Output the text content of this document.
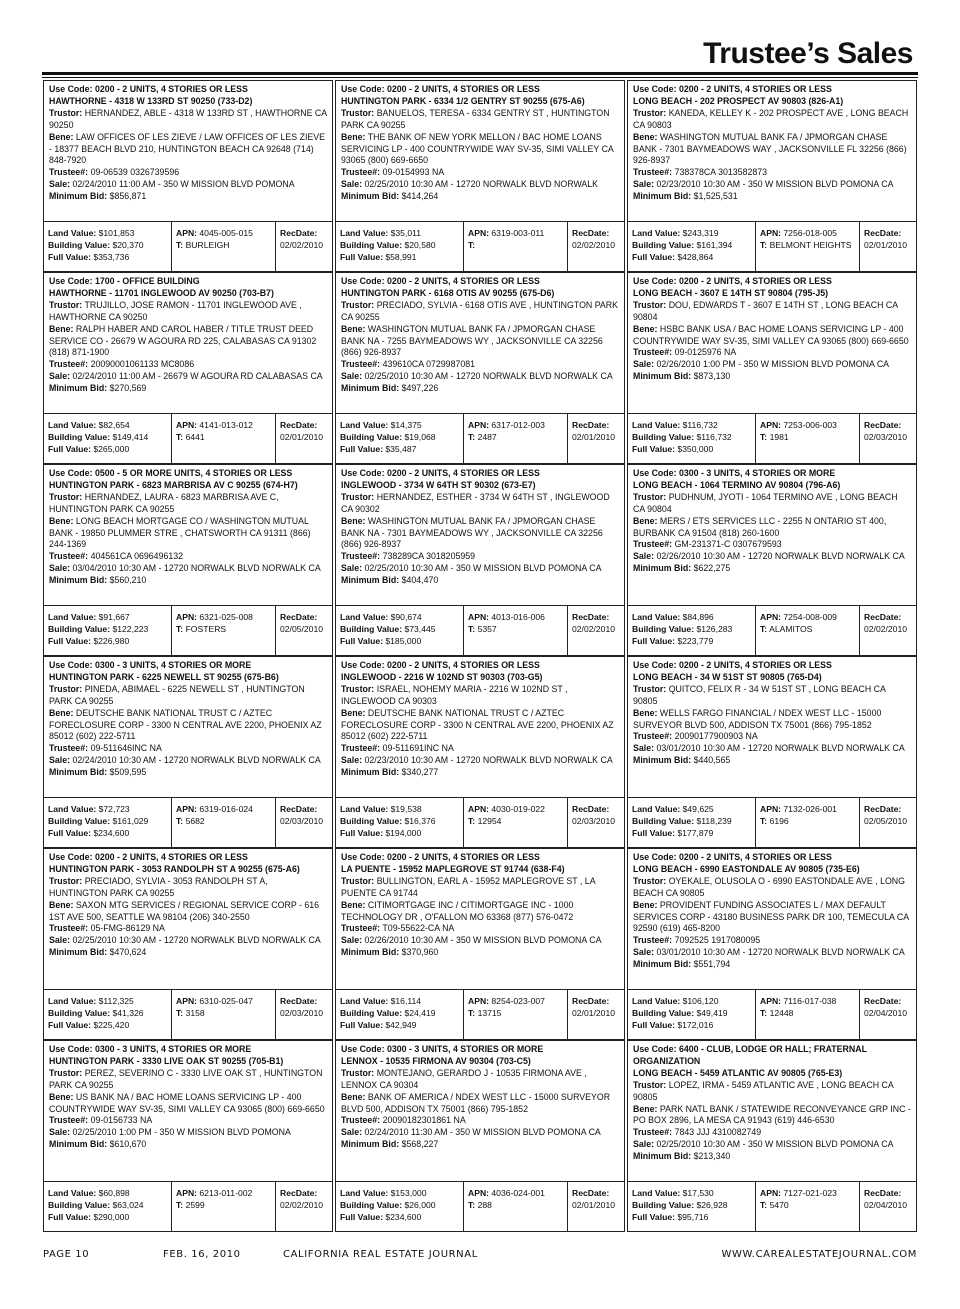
Trustee’s Sales
Use Code: 0200 - 2 UNITS, 4 STORIES OR LESS
HAWTHORNE - 4318 W 133RD ST 90250 (733-D2)
Trustor: HERNANDEZ, ABLE - 4318 W 133RD ST , HAWTHORNE CA 90250
Bene: LAW OFFICES OF LES ZIEVE / LAW OFFICES OF LES ZIEVE - 18377 BEACH BLVD 210, HUNTINGTON BEACH CA 92648 (714) 848-7920
Trustee#: 09-06539 0326739596
Sale: 02/24/2010 11:00 AM - 350 W MISSION BLVD POMONA
Minimum Bid: $856,871
Land Value: $101,853
Building Value: $20,370
Full Value: $353,736
APN: 4045-005-015
T: BURLEIGH
RecDate:
02/02/2010
Use Code: 0200 - 2 UNITS, 4 STORIES OR LESS
HUNTINGTON PARK - 6334 1/2 GENTRY ST 90255 (675-A6)
Trustor: BANUELOS, TERESA - 6334 GENTRY ST , HUNTINGTON PARK CA 90255
Bene: THE BANK OF NEW YORK MELLON / BAC HOME LOANS SERVICING LP - 400 COUNTRYWIDE WAY SV-35, SIMI VALLEY CA 93065 (800) 669-6650
Trustee#: 09-0154993 NA
Sale: 02/25/2010 10:30 AM - 12720 NORWALK BLVD NORWALK
Minimum Bid: $414,264
Land Value: $35,011
Building Value: $20,580
Full Value: $58,991
APN: 6319-003-011
T:
RecDate:
02/02/2010
Use Code: 0200 - 2 UNITS, 4 STORIES OR LESS
LONG BEACH - 202 PROSPECT AV 90803 (826-A1)
Trustor: KANEDA, KELLEY K - 202 PROSPECT AVE , LONG BEACH CA 90803
Bene: WASHINGTON MUTUAL BANK FA / JPMORGAN CHASE BANK - 7301 BAYMEADOWS WAY , JACKSONVILLE FL 32256 (866) 926-8937
Trustee#: 738378CA 3013582873
Sale: 02/23/2010 10:30 AM - 350 W MISSION BLVD POMONA CA
Minimum Bid: $1,525,531
Land Value: $243,319
Building Value: $161,394
Full Value: $428,864
APN: 7256-018-005
T: BELMONT HEIGHTS
RecDate:
02/01/2010
Use Code: 1700 - OFFICE BUILDING
HAWTHORNE - 11701 INGLEWOOD AV 90250 (703-B7)
Trustor: TRUJILLO, JOSE RAMON - 11701 INGLEWOOD AVE , HAWTHORNE CA 90250
Bene: RALPH HABER AND CAROL HABER / TITLE TRUST DEED SERVICE CO - 26679 W AGOURA RD 225, CALABASAS CA 91302 (818) 871-1900
Trustee#: 20090001061133 MC8086
Sale: 02/24/2010 11:00 AM - 26679 W AGOURA RD CALABASAS CA
Minimum Bid: $270,569
Land Value: $82,654
Building Value: $149,414
Full Value: $265,000
APN: 4141-013-012
T: 6441
RecDate:
02/01/2010
Use Code: 0200 - 2 UNITS, 4 STORIES OR LESS
HUNTINGTON PARK - 6168 OTIS AV 90255 (675-D6)
Trustor: PRECIADO, SYLVIA - 6168 OTIS AVE , HUNTINGTON PARK CA 90255
Bene: WASHINGTON MUTUAL BANK FA / JPMORGAN CHASE BANK NA - 7255 BAYMEADOWS WY , JACKSONVILLE CA 32256 (866) 926-8937
Trustee#: 439610CA 0729987081
Sale: 02/25/2010 10:30 AM - 12720 NORWALK BLVD NORWALK CA
Minimum Bid: $497,226
Land Value: $14,375
Building Value: $19,068
Full Value: $35,487
APN: 6317-012-003
T: 2487
RecDate:
02/01/2010
Use Code: 0200 - 2 UNITS, 4 STORIES OR LESS
LONG BEACH - 3607 E 14TH ST 90804 (795-J5)
Trustor: DOU, EDWARDS T - 3607 E 14TH ST , LONG BEACH CA 90804
Bene: HSBC BANK USA / BAC HOME LOANS SERVICING LP - 400 COUNTRYWIDE WAY SV-35, SIMI VALLEY CA 93065 (800) 669-6650
Trustee#: 09-0125976 NA
Sale: 02/26/2010 1:00 PM - 350 W MISSION BLVD POMONA CA
Minimum Bid: $873,130
Land Value: $116,732
Building Value: $116,732
Full Value: $350,000
APN: 7253-006-003
T: 1981
RecDate:
02/03/2010
Use Code: 0500 - 5 OR MORE UNITS, 4 STORIES OR LESS
HUNTINGTON PARK - 6823 MARBRISA AV C 90255 (674-H7)
Trustor: HERNANDEZ, LAURA - 6823 MARBRISA AVE C, HUNTINGTON PARK CA 90255
Bene: LONG BEACH MORTGAGE CO / WASHINGTON MUTUAL BANK - 19850 PLUMMER STRE , CHATSWORTH CA 91311 (866) 244-1369
Trustee#: 404561CA 0696496132
Sale: 03/04/2010 10:30 AM - 12720 NORWALK BLVD NORWALK CA
Minimum Bid: $560,210
Land Value: $91,667
Building Value: $122,223
Full Value: $226,980
APN: 6321-025-008
T: FOSTERS
RecDate:
02/05/2010
Use Code: 0200 - 2 UNITS, 4 STORIES OR LESS
INGLEWOOD - 3734 W 64TH ST 90302 (673-E7)
Trustor: HERNANDEZ, ESTHER - 3734 W 64TH ST , INGLEWOOD CA 90302
Bene: WASHINGTON MUTUAL BANK FA / JPMORGAN CHASE BANK NA - 7301 BAYMEADOWS WY , JACKSONVILLE CA 32256 (866) 926-8937
Trustee#: 738289CA 3018205959
Sale: 02/25/2010 10:30 AM - 350 W MISSION BLVD POMONA CA
Minimum Bid: $404,470
Land Value: $90,674
Building Value: $73,445
Full Value: $185,000
APN: 4013-016-006
T: 5357
RecDate:
02/02/2010
Use Code: 0300 - 3 UNITS, 4 STORIES OR MORE
LONG BEACH - 1064 TERMINO AV 90804 (796-A6)
Trustor: PUDHNUM, JYOTI - 1064 TERMINO AVE , LONG BEACH CA 90804
Bene: MERS / ETS SERVICES LLC - 2255 N ONTARIO ST 400, BURBANK CA 91504 (818) 260-1600
Trustee#: GM-231371-C 0307679593
Sale: 02/26/2010 10:30 AM - 12720 NORWALK BLVD NORWALK CA
Minimum Bid: $622,275
Land Value: $84,896
Building Value: $126,283
Full Value: $223,779
APN: 7254-008-009
T: ALAMITOS
RecDate:
02/02/2010
Use Code: 0300 - 3 UNITS, 4 STORIES OR MORE
HUNTINGTON PARK - 6225 NEWELL ST 90255 (675-B6)
Trustor: PINEDA, ABIMAEL - 6225 NEWELL ST , HUNTINGTON PARK CA 90255
Bene: DEUTSCHE BANK NATIONAL TRUST C / AZTEC FORECLOSURE CORP - 3300 N CENTRAL AVE 2200, PHOENIX AZ 85012 (602) 222-5711
Trustee#: 09-511646INC NA
Sale: 02/24/2010 10:30 AM - 12720 NORWALK BLVD NORWALK CA
Minimum Bid: $509,595
Land Value: $72,723
Building Value: $161,029
Full Value: $234,600
APN: 6319-016-024
T: 5682
RecDate:
02/03/2010
Use Code: 0200 - 2 UNITS, 4 STORIES OR LESS
INGLEWOOD - 2216 W 102ND ST 90303 (703-G5)
Trustor: ISRAEL, NOHEMY MARIA - 2216 W 102ND ST , INGLEWOOD CA 90303
Bene: DEUTSCHE BANK NATIONAL TRUST C / AZTEC FORECLOSURE CORP - 3300 N CENTRAL AVE 2200, PHOENIX AZ 85012 (602) 222-5711
Trustee#: 09-511691INC NA
Sale: 02/23/2010 10:30 AM - 12720 NORWALK BLVD NORWALK CA
Minimum Bid: $340,277
Land Value: $19,538
Building Value: $16,376
Full Value: $194,000
APN: 4030-019-022
T: 12954
RecDate:
02/03/2010
Use Code: 0200 - 2 UNITS, 4 STORIES OR LESS
LONG BEACH - 34 W 51ST ST 90805 (765-D4)
Trustor: QUITCO, FELIX R - 34 W 51ST ST , LONG BEACH CA 90805
Bene: WELLS FARGO FINANCIAL / NDEX WEST LLC - 15000 SURVEYOR BLVD 500, ADDISON TX 75001 (866) 795-1852
Trustee#: 20090177900903 NA
Sale: 03/01/2010 10:30 AM - 12720 NORWALK BLVD NORWALK CA
Minimum Bid: $440,565
Land Value: $49,625
Building Value: $118,239
Full Value: $177,879
APN: 7132-026-001
T: 6196
RecDate:
02/05/2010
Use Code: 0200 - 2 UNITS, 4 STORIES OR LESS
HUNTINGTON PARK - 3053 RANDOLPH ST A 90255 (675-A6)
Trustor: PRECIADO, SYLVIA - 3053 RANDOLPH ST A, HUNTINGTON PARK CA 90255
Bene: SAXON MTG SERVICES / REGIONAL SERVICE CORP - 616 1ST AVE 500, SEATTLE WA 98104 (206) 340-2550
Trustee#: 05-FMG-86129 NA
Sale: 02/25/2010 10:30 AM - 12720 NORWALK BLVD NORWALK CA
Minimum Bid: $470,624
Land Value: $112,325
Building Value: $41,326
Full Value: $225,420
APN: 6310-025-047
T: 3158
RecDate:
02/03/2010
Use Code: 0200 - 2 UNITS, 4 STORIES OR LESS
LA PUENTE - 15952 MAPLEGROVE ST 91744 (638-F4)
Trustor: BULLINGTON, EARL A - 15952 MAPLEGROVE ST , LA PUENTE CA 91744
Bene: CITIMORTGAGE INC / CITIMORTGAGE INC - 1000 TECHNOLOGY DR , O'FALLON MO 63368 (877) 576-0472
Trustee#: T09-55622-CA NA
Sale: 02/26/2010 10:30 AM - 350 W MISSION BLVD POMONA CA
Minimum Bid: $370,960
Land Value: $16,114
Building Value: $24,419
Full Value: $42,949
APN: 8254-023-007
T: 13715
RecDate:
02/01/2010
Use Code: 0200 - 2 UNITS, 4 STORIES OR LESS
LONG BEACH - 6990 EASTONDALE AV 90805 (735-E6)
Trustor: OYEKALE, OLUSOLA O - 6990 EASTONDALE AVE , LONG BEACH CA 90805
Bene: PROVIDENT FUNDING ASSOCIATES L / MAX DEFAULT SERVICES CORP - 43180 BUSINESS PARK DR 100, TEMECULA CA 92590 (619) 465-8200
Trustee#: 7092525 1917080095
Sale: 03/01/2010 10:30 AM - 12720 NORWALK BLVD NORWALK CA
Minimum Bid: $551,794
Land Value: $106,120
Building Value: $49,419
Full Value: $172,016
APN: 7116-017-038
T: 12448
RecDate:
02/04/2010
Use Code: 0300 - 3 UNITS, 4 STORIES OR MORE
HUNTINGTON PARK - 3330 LIVE OAK ST 90255 (705-B1)
Trustor: PEREZ, SEVERINO C - 3330 LIVE OAK ST , HUNTINGTON PARK CA 90255
Bene: US BANK NA / BAC HOME LOANS SERVICING LP - 400 COUNTRYWIDE WAY SV-35, SIMI VALLEY CA 93065 (800) 669-6650
Trustee#: 09-0156733 NA
Sale: 02/25/2010 1:00 PM - 350 W MISSION BLVD POMONA
Minimum Bid: $610,670
Land Value: $60,898
Building Value: $63,024
Full Value: $290,000
APN: 6213-011-002
T: 2599
RecDate:
02/02/2010
Use Code: 0300 - 3 UNITS, 4 STORIES OR MORE
LENNOX - 10535 FIRMONA AV 90304 (703-C5)
Trustor: MONTEJANO, GERARDO J - 10535 FIRMONA AVE , LENNOX CA 90304
Bene: BANK OF AMERICA / NDEX WEST LLC - 15000 SURVEYOR BLVD 500, ADDISON TX 75001 (866) 795-1852
Trustee#: 20090182301861 NA
Sale: 02/24/2010 11:30 AM - 350 W MISSION BLVD POMONA CA
Minimum Bid: $568,227
Land Value: $153,000
Building Value: $26,000
Full Value: $234,600
APN: 4036-024-001
T: 288
RecDate:
02/01/2010
Use Code: 6400 - CLUB, LODGE OR HALL; FRATERNAL ORGANIZATION
LONG BEACH - 5459 ATLANTIC AV 90805 (765-E3)
Trustor: LOPEZ, IRMA - 5459 ATLANTIC AVE , LONG BEACH CA 90805
Bene: PARK NATL BANK / STATEWIDE RECONVEYANCE GRP INC - PO BOX 2896, LA MESA CA 91943 (619) 446-6530
Trustee#: 7843 JJJ 4310082749
Sale: 02/25/2010 10:30 AM - 350 W MISSION BLVD POMONA CA
Minimum Bid: $213,340
Land Value: $17,530
Building Value: $26,928
Full Value: $95,716
APN: 7127-021-023
T: 5470
RecDate:
02/04/2010
PAGE 10	FEB. 16, 2010	CALIFORNIA REAL ESTATE JOURNAL	WWW.CAREALESTATEJOURNAL.COM
